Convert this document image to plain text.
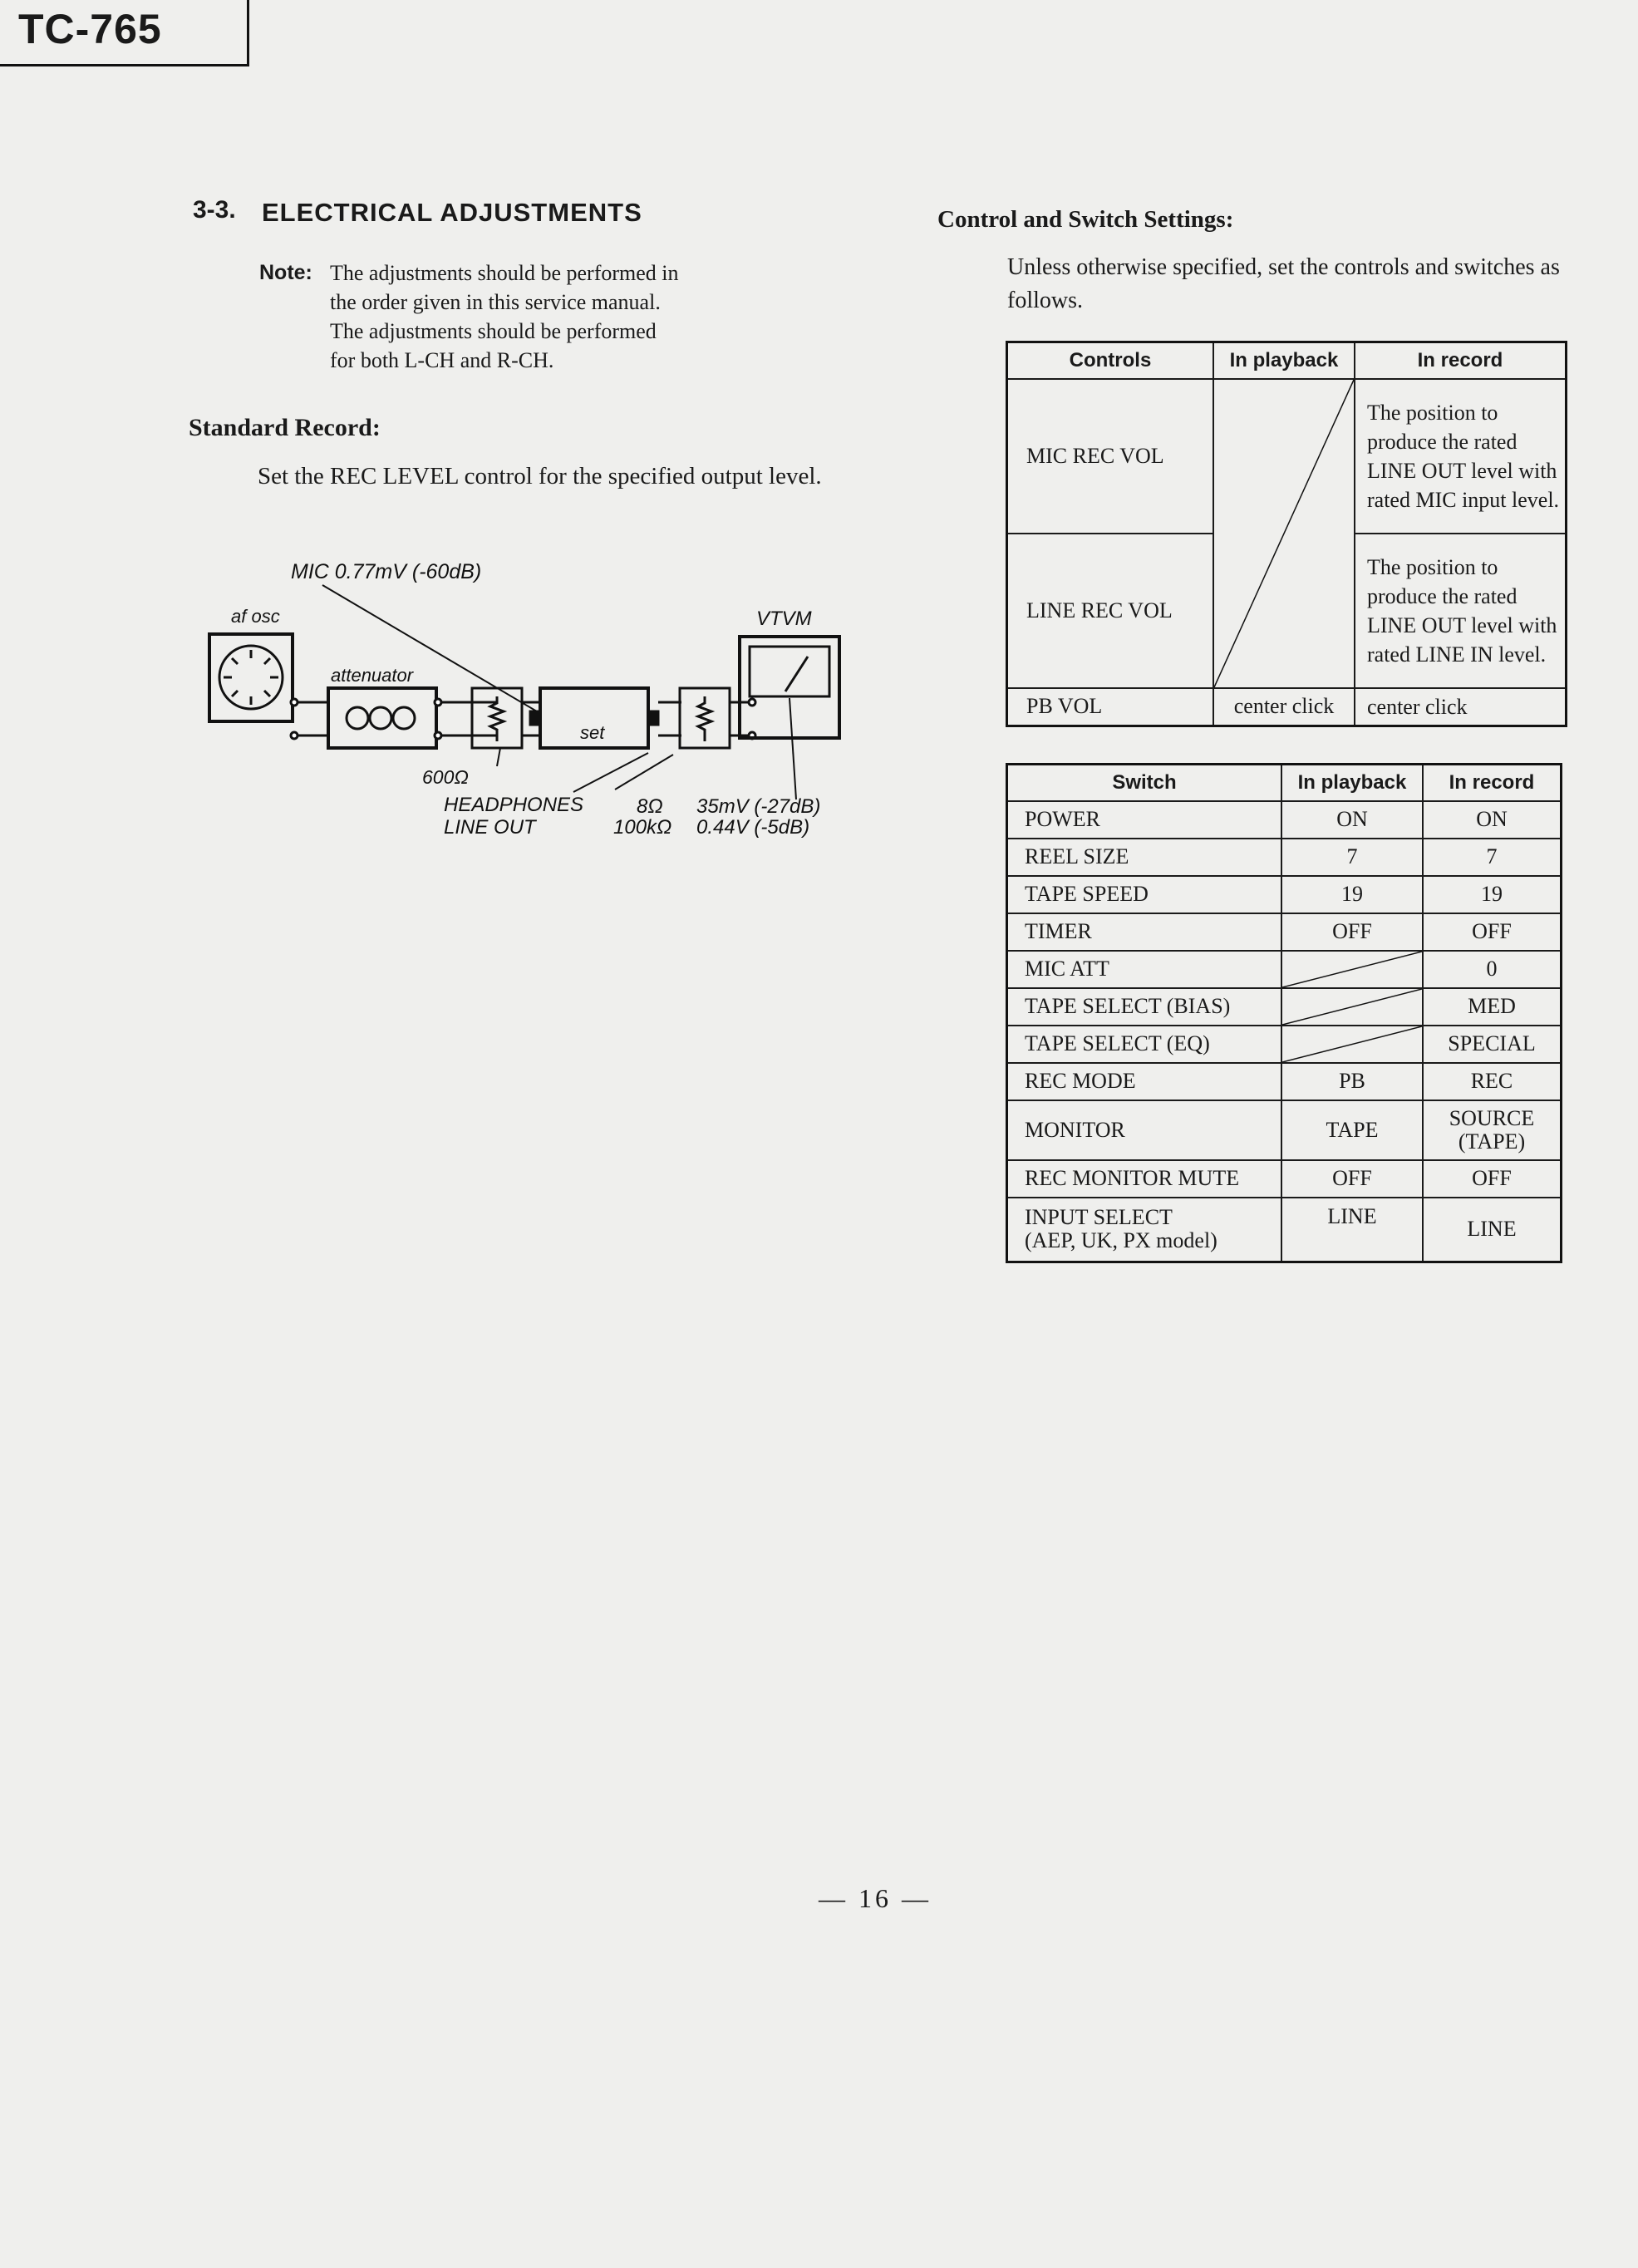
TC-765
3-3. ELECTRICAL ADJUSTMENTS
Note: The adjustments should be performed in
the order given in this service manual.
The adjustments should be performed
for both L-CH and R-CH.
Standard Record:
Set the REC LEVEL control for the specified output level.
MIC 0.77mV (-60dB)
af osc	VTVM
attenuator
set
600Ω
HEADPHONES
LINE OUT
8Ω 35mV (-27dB)
100kΩ 0.44V (-5dB)
Control and Switch Settings:
Unless otherwise specified, set the controls and switches as follows.
Controls	In playback	In record
MIC REC VOL		The position to produce the rated LINE OUT level with rated MIC input level.
LINE REC VOL		The position to produce the rated LINE OUT level with rated LINE IN level.
PB VOL	center click	center click
Switch	In playback	In record
POWER	ON	ON
REEL SIZE	7	7
TAPE SPEED	19	19
TIMER	OFF	OFF
MIC ATT		0
TAPE SELECT (BIAS)		MED
TAPE SELECT (EQ)		SPECIAL
REC MODE	PB	REC
MONITOR	TAPE	SOURCE
(TAPE)
REC MONITOR MUTE	OFF	OFF
INPUT SELECT
(AEP, UK, PX model)	LINE	LINE
— 16 —
